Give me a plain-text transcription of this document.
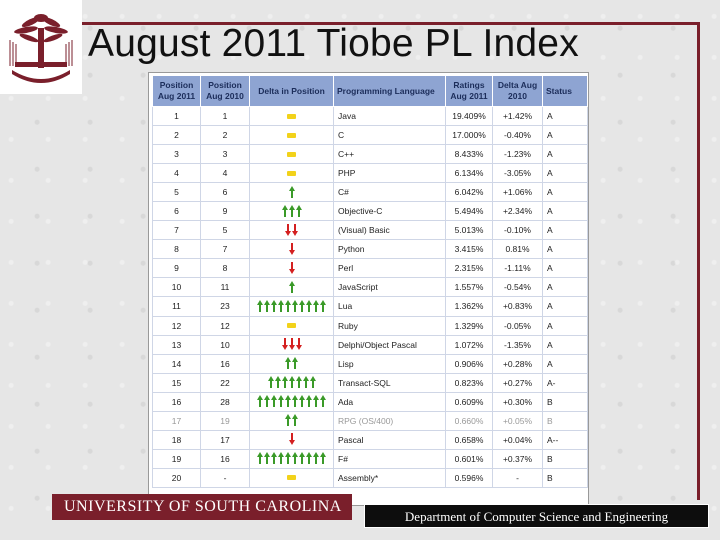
August 2011 Tiobe PL Index
Position Aug 2011	Position Aug 2010	Delta in Position	Programming Language	Ratings Aug 2011	Delta Aug 2010	Status
1	1		Java	19.409%	+1.42%	A
2	2		C	17.000%	-0.40%	A
3	3		C++	8.433%	-1.23%	A
4	4		PHP	6.134%	-3.05%	A
5	6		C#	6.042%	+1.06%	A
6	9		Objective-C	5.494%	+2.34%	A
7	5		(Visual) Basic	5.013%	-0.10%	A
8	7		Python	3.415%	0.81%	A
9	8		Perl	2.315%	-1.11%	A
10	11		JavaScript	1.557%	-0.54%	A
11	23		Lua	1.362%	+0.83%	A
12	12		Ruby	1.329%	-0.05%	A
13	10		Delphi/Object Pascal	1.072%	-1.35%	A
14	16		Lisp	0.906%	+0.28%	A
15	22		Transact-SQL	0.823%	+0.27%	A-
16	28		Ada	0.609%	+0.30%	B
17	19		RPG (OS/400)	0.660%	+0.05%	B
18	17		Pascal	0.658%	+0.04%	A--
19	16		F#	0.601%	+0.37%	B
20	-		Assembly*	0.596%	-	B
UNIVERSITY OF SOUTH CAROLINA
Department of Computer Science and Engineering
